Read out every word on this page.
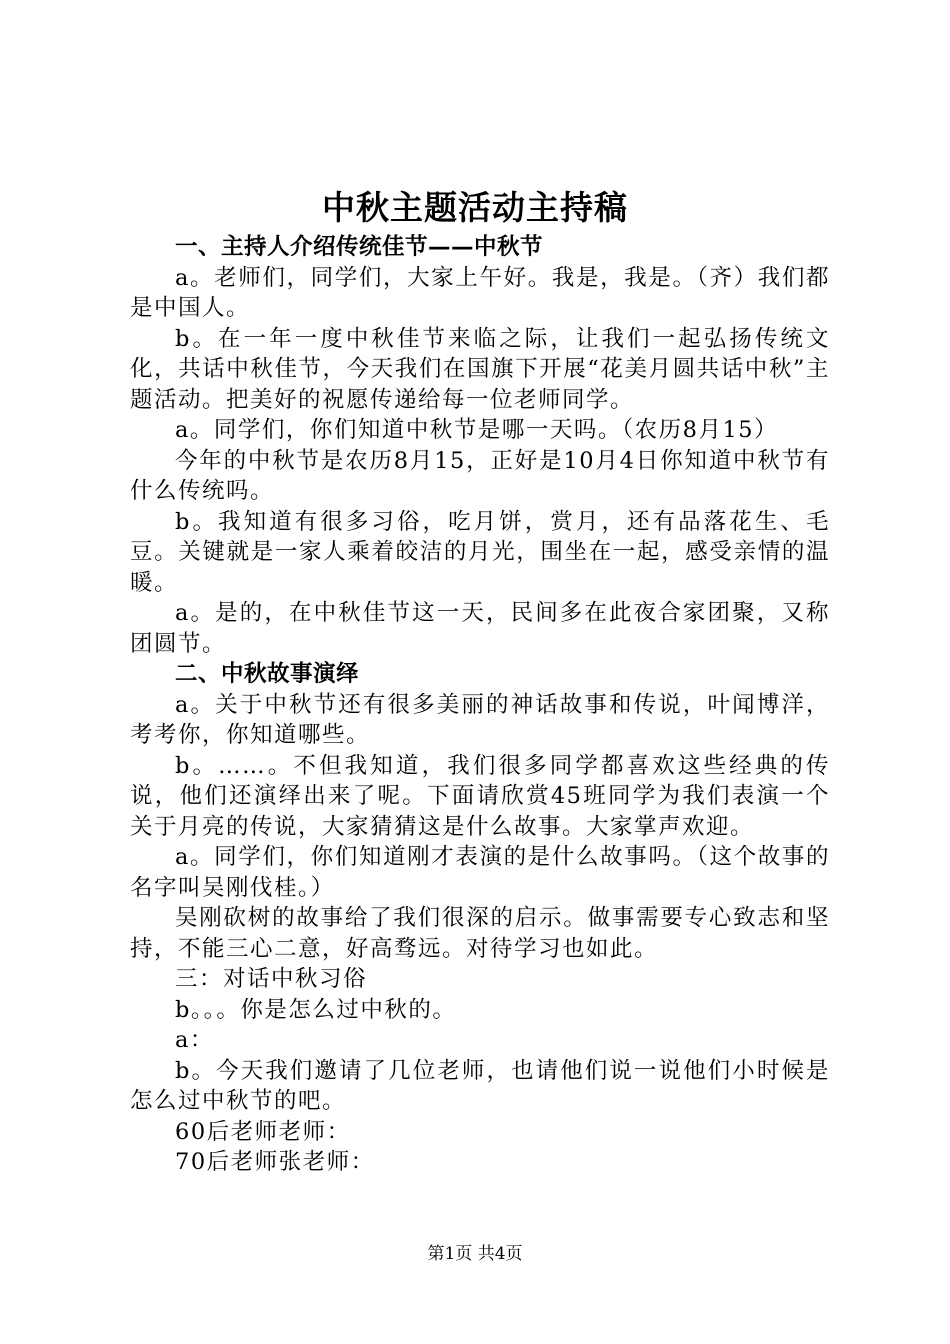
中秋主题活动主持稿

一、主持人介绍传统佳节——中秋节

a。老师们，同学们，大家上午好。我是，我是。（齐）我们都是中国人。

b。在一年一度中秋佳节来临之际，让我们一起弘扬传统文化，共话中秋佳节，今天我们在国旗下开展“花美月圆共话中秋”主题活动。把美好的祝愿传递给每一位老师同学。

a。同学们，你们知道中秋节是哪一天吗。（农历8月15）

今年的中秋节是农历8月15，正好是10月4日你知道中秋节有什么传统吗。

b。我知道有很多习俗，吃月饼，赏月，还有品落花生、毛豆。关键就是一家人乘着皎洁的月光，围坐在一起，感受亲情的温暖。

a。是的，在中秋佳节这一天，民间多在此夜合家团聚，又称团圆节。

二、中秋故事演绎

a。关于中秋节还有很多美丽的神话故事和传说，叶闻博洋，考考你，你知道哪些。

b。……。不但我知道，我们很多同学都喜欢这些经典的传说，他们还演绎出来了呢。下面请欣赏45班同学为我们表演一个关于月亮的传说，大家猜猜这是什么故事。大家掌声欢迎。

a。同学们，你们知道刚才表演的是什么故事吗。（这个故事的名字叫吴刚伐桂。）

吴刚砍树的故事给了我们很深的启示。做事需要专心致志和坚持，不能三心二意，好高骛远。对待学习也如此。

三：对话中秋习俗

b。。。你是怎么过中秋的。

a：

b。今天我们邀请了几位老师，也请他们说一说他们小时候是怎么过中秋节的吧。

60后老师老师：

70后老师张老师：

第1页 共4页
